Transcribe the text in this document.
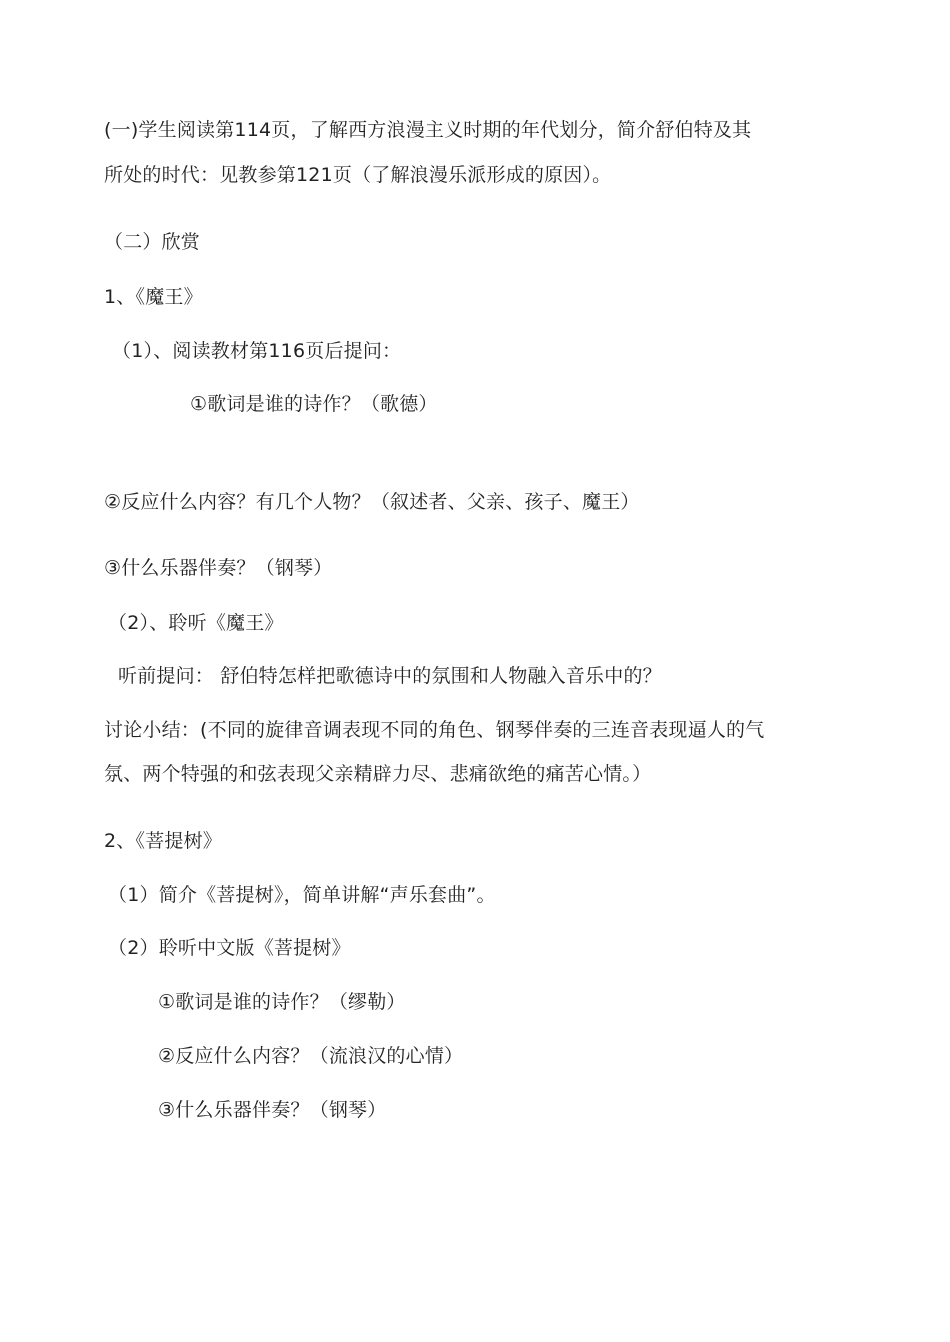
(一)学生阅读第114页，了解西方浪漫主义时期的年代划分，简介舒伯特及其
所处的时代：见教参第121页（了解浪漫乐派形成的原因）。
（二）欣赏
1、《魔王》
（1）、阅读教材第116页后提问：
①歌词是谁的诗作？（歌德）
②反应什么内容？有几个人物？（叙述者、父亲、孩子、魔王）
③什么乐器伴奏？（钢琴）
（2）、聆听《魔王》
听前提问： 舒伯特怎样把歌德诗中的氛围和人物融入音乐中的？
讨论小结：(不同的旋律音调表现不同的角色、钢琴伴奏的三连音表现逼人的气
氛、两个特强的和弦表现父亲精辟力尽、悲痛欲绝的痛苦心情。）
2、《菩提树》
（1）简介《菩提树》，简单讲解“声乐套曲”。
（2）聆听中文版《菩提树》
①歌词是谁的诗作？（缪勒）
②反应什么内容？（流浪汉的心情）
③什么乐器伴奏？（钢琴）
